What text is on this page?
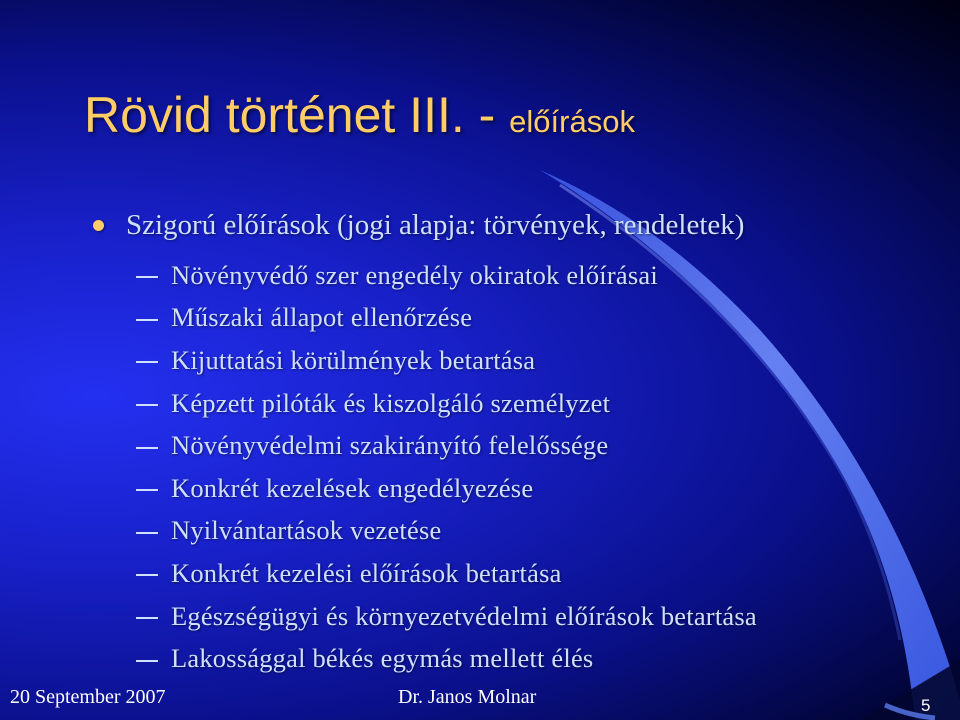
Rövid történet III. - előírások
Szigorú előírások (jogi alapja: törvények, rendeletek)
Növényvédő szer engedély okiratok előírásai
Műszaki állapot ellenőrzése
Kijuttatási körülmények betartása
Képzett pilóták és kiszolgáló személyzet
Növényvédelmi szakirányító felelőssége
Konkrét kezelések engedélyezése
Nyilvántartások vezetése
Konkrét kezelési előírások betartása
Egészségügyi és környezetvédelmi előírások betartása
Lakossággal békés egymás mellett élés
20 September 2007	Dr. Janos Molnar	5
